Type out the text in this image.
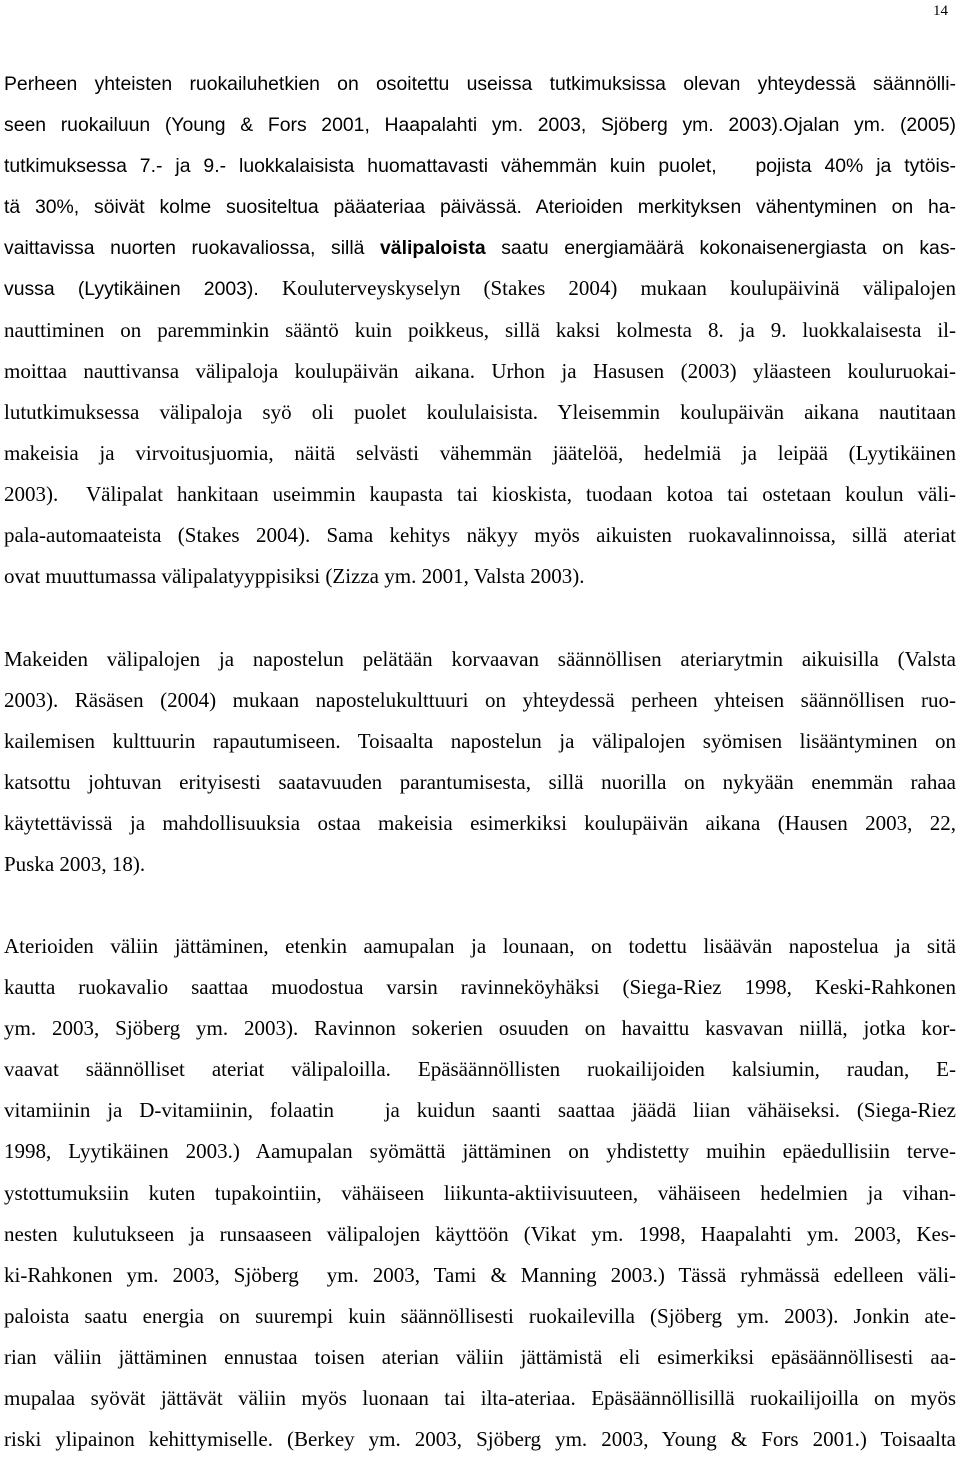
14
Perheen yhteisten ruokailuhetkien on osoitettu useissa tutkimuksissa olevan yhteydessä säännölli-
seen ruokailuun (Young & Fors 2001, Haapalahti ym. 2003, Sjöberg ym. 2003).Ojalan ym. (2005)
tutkimuksessa 7.- ja 9.- luokkalaisista huomattavasti vähemmän kuin puolet,   pojista 40% ja tytöis-
tä 30%, söivät kolme suositeltua pääateriaa päivässä. Aterioiden merkityksen vähentyminen on ha-
vaittavissa nuorten ruokavaliossa, sillä välipaloista saatu energiamäärä kokonaisenergiasta on kas-
vussa (Lyytikäinen 2003). Kouluterveyskyselyn (Stakes 2004) mukaan koulupäivinä välipalojen
nauttiminen on paremminkin sääntö kuin poikkeus, sillä kaksi kolmesta 8. ja 9. luokkalaisesta il-
moittaa nauttivansa välipaloja koulupäivän aikana. Urhon ja Hasusen (2003) yläasteen kouluruokai-
lututkimuksessa välipaloja syö oli puolet koululaisista. Yleisemmin koulupäivän aikana nautitaan
makeisia ja virvoitusjuomia, näitä selvästi vähemmän jäätelöä, hedelmiä ja leipää (Lyytikäinen
2003).  Välipalat hankitaan useimmin kaupasta tai kioskista, tuodaan kotoa tai ostetaan koulun väli-
pala-automaateista (Stakes 2004). Sama kehitys näkyy myös aikuisten ruokavalinnoissa, sillä ateriat
ovat muuttumassa välipalatyyppisiksi (Zizza ym. 2001, Valsta 2003).
Makeiden välipalojen ja napostelun pelätään korvaavan säännöllisen ateriarytmin aikuisilla (Valsta
2003). Räsäsen (2004) mukaan napostelukulttuuri on yhteydessä perheen yhteisen säännöllisen ruo-
kailemisen kulttuurin rapautumiseen. Toisaalta napostelun ja välipalojen syömisen lisääntyminen on
katsottu johtuvan erityisesti saatavuuden parantumisesta, sillä nuorilla on nykyään enemmän rahaa
käytettävissä ja mahdollisuuksia ostaa makeisia esimerkiksi koulupäivän aikana (Hausen 2003, 22,
Puska 2003, 18).
Aterioiden väliin jättäminen, etenkin aamupalan ja lounaan, on todettu lisäävän napostelua ja sitä
kautta ruokavalio saattaa muodostua varsin ravinneköyhäksi (Siega-Riez 1998, Keski-Rahkonen
ym. 2003, Sjöberg ym. 2003). Ravinnon sokerien osuuden on havaittu kasvavan niillä, jotka kor-
vaavat säännölliset ateriat välipaloilla. Epäsäännöllisten ruokailijoiden kalsiumin, raudan, E-
vitamiinin ja D-vitamiinin, folaatin   ja kuidun saanti saattaa jäädä liian vähäiseksi. (Siega-Riez
1998, Lyytikäinen 2003.) Aamupalan syömättä jättäminen on yhdistetty muihin epäedullisiin terve-
ystottumuksiin kuten tupakointiin, vähäiseen liikunta-aktiivisuuteen, vähäiseen hedelmien ja vihan-
nesten kulutukseen ja runsaaseen välipalojen käyttöön (Vikat ym. 1998, Haapalahti ym. 2003, Kes-
ki-Rahkonen ym. 2003, Sjöberg  ym. 2003, Tami & Manning 2003.) Tässä ryhmässä edelleen väli-
paloista saatu energia on suurempi kuin säännöllisesti ruokailevilla (Sjöberg ym. 2003). Jonkin ate-
rian väliin jättäminen ennustaa toisen aterian väliin jättämistä eli esimerkiksi epäsäännöllisesti aa-
mupalaa syövät jättävät väliin myös luonaan tai ilta-ateriaa. Epäsäännöllisillä ruokailijoilla on myös
riski ylipainon kehittymiselle. (Berkey ym. 2003, Sjöberg ym. 2003, Young & Fors 2001.) Toisaalta
